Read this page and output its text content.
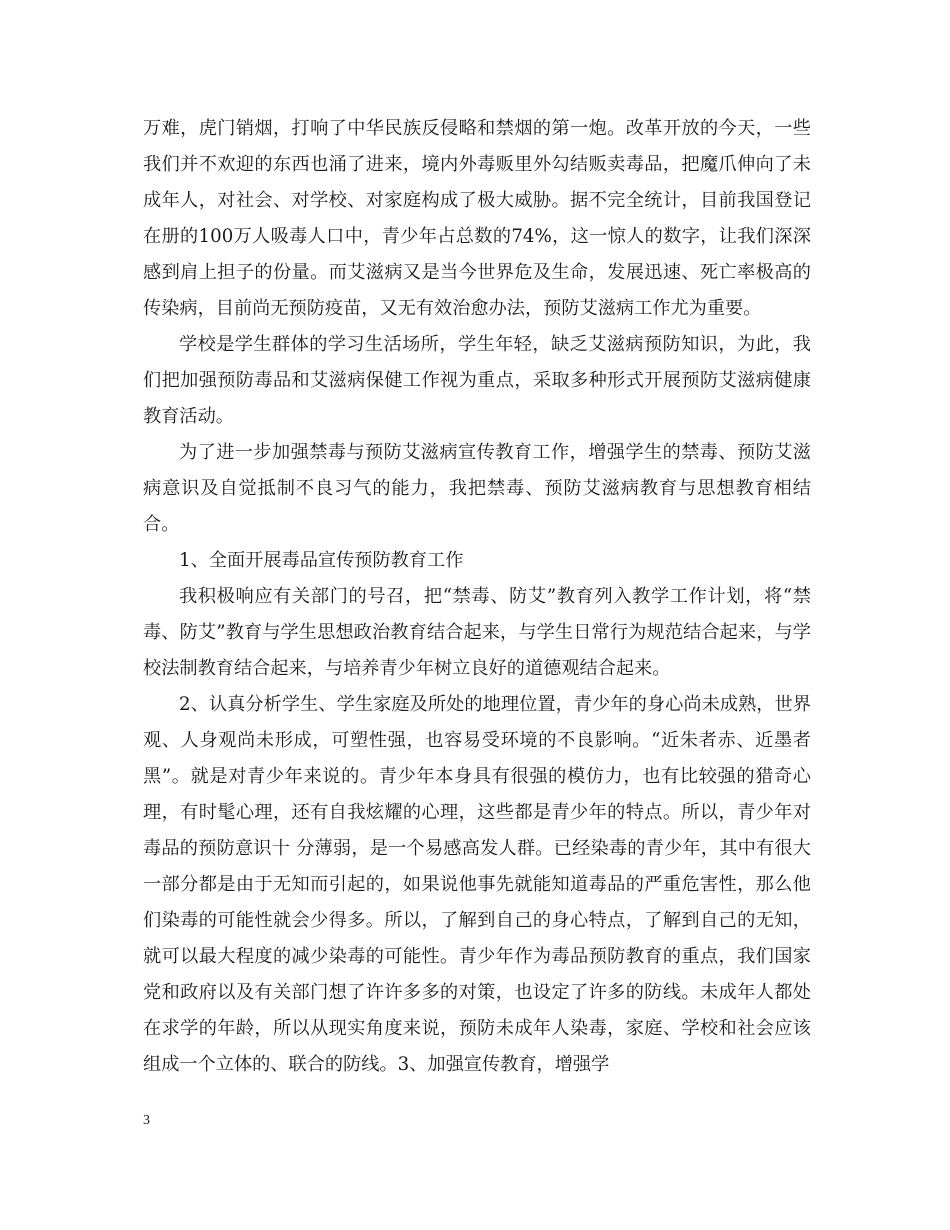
万难，虎门销烟，打响了中华民族反侵略和禁烟的第一炮。改革开放的今天，一些我们并不欢迎的东西也涌了进来，境内外毒贩里外勾结贩卖毒品，把魔爪伸向了未成年人，对社会、对学校、对家庭构成了极大威胁。据不完全统计，目前我国登记在册的100万人吸毒人口中，青少年占总数的74%，这一惊人的数字，让我们深深感到肩上担子的份量。而艾滋病又是当今世界危及生命，发展迅速、死亡率极高的传染病，目前尚无预防疫苗，又无有效治愈办法，预防艾滋病工作尤为重要。

学校是学生群体的学习生活场所，学生年轻，缺乏艾滋病预防知识，为此，我们把加强预防毒品和艾滋病保健工作视为重点，采取多种形式开展预防艾滋病健康教育活动。

为了进一步加强禁毒与预防艾滋病宣传教育工作，增强学生的禁毒、预防艾滋病意识及自觉抵制不良习气的能力，我把禁毒、预防艾滋病教育与思想教育相结合。

1、全面开展毒品宣传预防教育工作

我积极响应有关部门的号召，把“禁毒、防艾”教育列入教学工作计划，将“禁毒、防艾”教育与学生思想政治教育结合起来，与学生日常行为规范结合起来，与学校法制教育结合起来，与培养青少年树立良好的道德观结合起来。

2、认真分析学生、学生家庭及所处的地理位置，青少年的身心尚未成熟，世界观、人身观尚未形成，可塑性强，也容易受环境的不良影响。“近朱者赤、近墨者黑”。就是对青少年来说的。青少年本身具有很强的模仿力，也有比较强的猎奇心理，有时髦心理，还有自我炫耀的心理，这些都是青少年的特点。所以，青少年对毒品的预防意识十 分薄弱，是一个易感高发人群。已经染毒的青少年，其中有很大一部分都是由于无知而引起的，如果说他事先就能知道毒品的严重危害性，那么他们染毒的可能性就会少得多。所以，了解到自己的身心特点，了解到自己的无知，就可以最大程度的减少染毒的可能性。青少年作为毒品预防教育的重点，我们国家党和政府以及有关部门想了许许多多的对策，也设定了许多的防线。未成年人都处在求学的年龄，所以从现实角度来说，预防未成年人染毒，家庭、学校和社会应该组成一个立体的、联合的防线。3、加强宣传教育，增强学

3
